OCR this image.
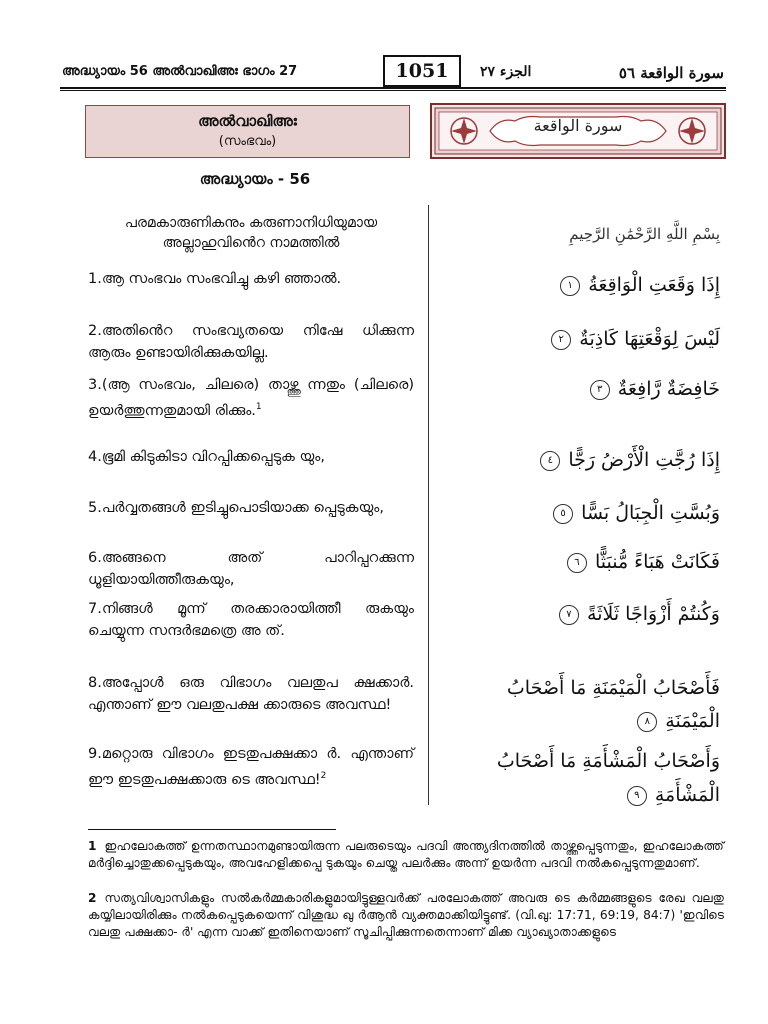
അദ്ധ്യായം 56 അൽവാഖിഅഃ ഭാഗം 27	1051	الجزء ٢٧	سورة الواقعة ٥٦
അൽവാഖിഅഃ
(സംഭവം)
سورة الواقعة
അദ്ധ്യായം - 56
പരമകാരുണികനും കരുണാനിധിയുമായ അല്ലാഹുവിൻെറ നാമത്തിൽ	بِسْمِ اللَّهِ الرَّحْمَٰنِ الرَّحِيمِ
1.ആ സംഭവം സംഭവിച്ചു കഴി ഞ്ഞാൽ.
2.അതിൻെറ സംഭവ്യതയെ നിഷേ ധിക്കുന്ന ആരും ഉണ്ടായിരിക്കുകയില്ല.
3.(ആ സംഭവം, ചിലരെ) താഴ്ത്തു ന്നതും (ചിലരെ) ഉയർത്തുന്നതുമായി രിക്കും.$^1$
4.ഭൂമി കിടുകിടാ വിറപ്പിക്കപ്പെടുക യും,
5.പർവ്വതങ്ങൾ ഇടിച്ചുപൊടിയാക്ക പ്പെടുകയും,
6.അങ്ങനെ അത് പാറിപ്പറക്കുന്ന ധൂളിയായിത്തീരുകയും,
7.നിങ്ങൾ മൂന്ന് തരക്കാരായിത്തീ രുകയും ചെയ്യുന്ന സന്ദർഭമത്രെ അ ത്.
8.അപ്പോൾ ഒരു വിഭാഗം വലതുപ ക്ഷക്കാർ. എന്താണ് ഈ വലതുപക്ഷ ക്കാരുടെ അവസ്ഥ!
9.മറ്റൊരു വിഭാഗം ഇടതുപക്ഷക്കാ ർ. എന്താണ് ഈ ഇടതുപക്ഷക്കാരു ടെ അവസ്ഥ!$^2$
إِذَا وَقَعَتِ الْوَاقِعَةُ ١
لَيْسَ لِوَقْعَتِهَا كَاذِبَةٌ ٢
خَافِضَةٌ رَّافِعَةٌ ٣
إِذَا رُجَّتِ الْأَرْضُ رَجًّا ٤
وَبُسَّتِ الْجِبَالُ بَسًّا ٥
فَكَانَتْ هَبَاءً مُّنبَثًّا ٦
وَكُنتُمْ أَزْوَاجًا ثَلَاثَةً ٧
فَأَصْحَابُ الْمَيْمَنَةِ مَا أَصْحَابُ
الْمَيْمَنَةِ ٨
وَأَصْحَابُ الْمَشْأَمَةِ مَا أَصْحَابُ
الْمَشْأَمَةِ ٩
1 ഇഹലോകത്ത് ഉന്നതസ്ഥാനമുണ്ടായിരുന്ന പലരുടെയും പദവി അന്ത്യദിനത്തിൽ താഴ്ത്തപ്പെടുന്നതും, ഇഹലോകത്ത് മർദ്ദിച്ചൊതുക്കപ്പെടുകയും, അവഹേളിക്കപ്പെ ടുകയും ചെയ്ത പലർക്കും അന്ന് ഉയർന്ന പദവി നൽകപ്പെടുന്നതുമാണ്.
2 സത്യവിശ്വാസികളും സൽകർമ്മകാരികളുമായിട്ടുള്ളവർക്ക് പരലോകത്ത് അവരു ടെ കർമ്മങ്ങളുടെ രേഖ വലതു കയ്യിലായിരിക്കും നൽകപ്പെടുകയെന്ന് വിശുദ്ധ ഖു ർആൻ വ്യക്തമാക്കിയിട്ടുണ്ട്. (വി.ഖു: 17:71, 69:19, 84:7) 'ഇവിടെ വലതു പക്ഷക്കാ- ർ' എന്ന വാക്ക് ഇതിനെയാണ് സൂചിപ്പിക്കുന്നതെന്നാണ് മിക്ക വ്യാഖ്യാതാക്കളുടെ
